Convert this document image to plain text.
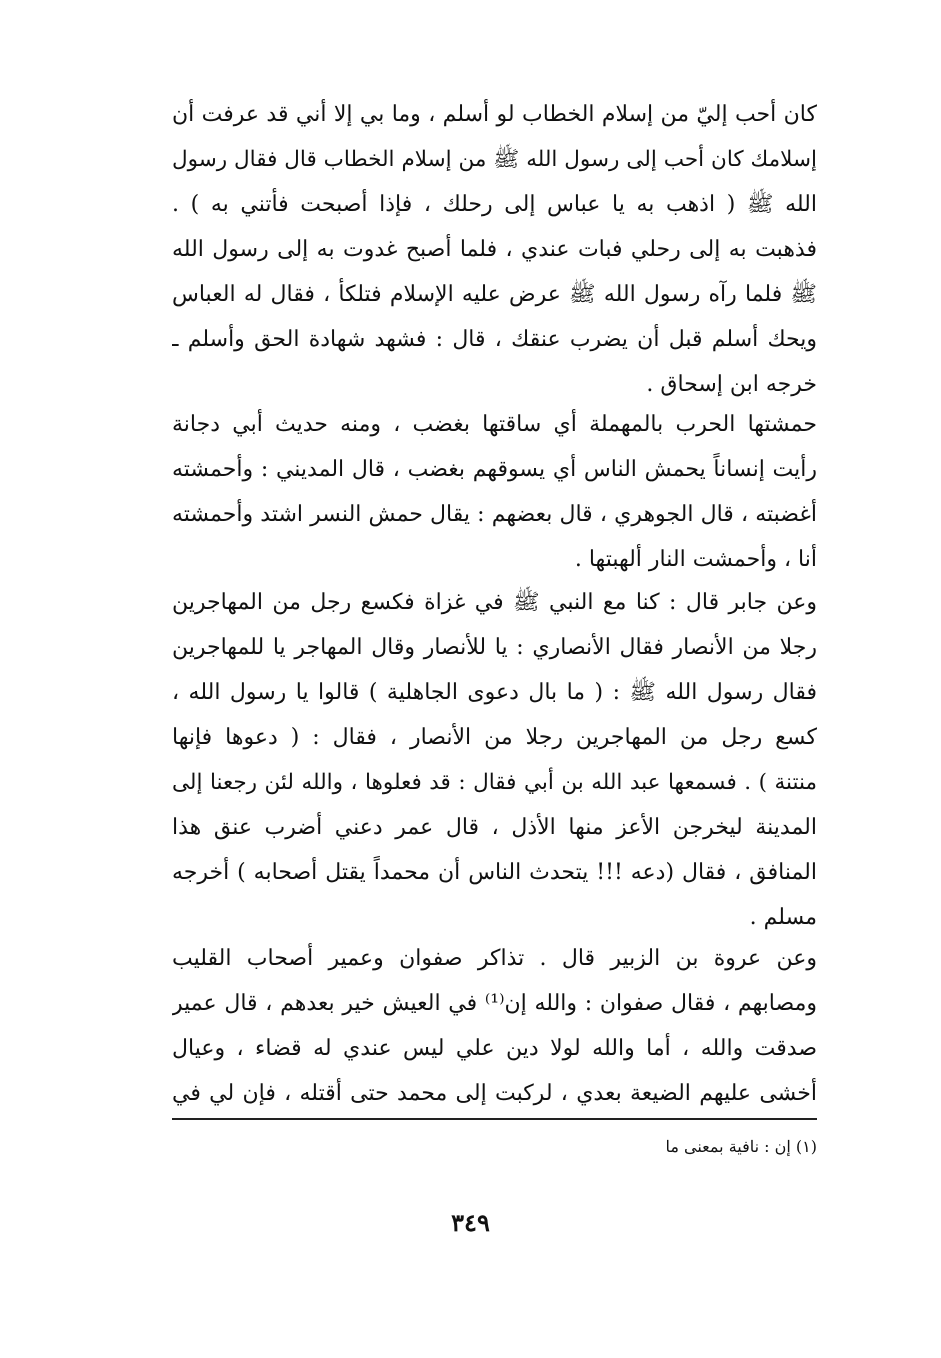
كان أحب إليّ من إسلام الخطاب لو أسلم ، وما بي إلا أني قد عرفت أن
إسلامك كان أحب إلى رسول الله ﷺ من إسلام الخطاب قال فقال رسول
الله ﷺ ( اذهب به يا عباس إلى رحلك ، فإذا أصبحت فأتني به ) .
فذهبت به إلى رحلي فبات عندي ، فلما أصبح غدوت به إلى رسول الله
ﷺ فلما رآه رسول الله ﷺ عرض عليه الإسلام فتلكأ ، فقال له العباس
ويحك أسلم قبل أن يضرب عنقك ، قال : فشهد شهادة الحق وأسلم ـ
خرجه ابن إسحاق .
حمشتها الحرب بالمهملة أي ساقتها بغضب ، ومنه حديث أبي دجانة
رأيت إنساناً يحمش الناس أي يسوقهم بغضب ، قال المديني : وأحمشته
أغضبته ، قال الجوهري ، قال بعضهم : يقال حمش النسر اشتد وأحمشته
أنا ، وأحمشت النار ألهبتها .
وعن جابر قال : كنا مع النبي ﷺ في غزاة فكسع رجل من المهاجرين
رجلا من الأنصار فقال الأنصاري : يا للأنصار وقال المهاجر يا للمهاجرين
فقال رسول الله ﷺ : ( ما بال دعوى الجاهلية ) قالوا يا رسول الله ،
كسع رجل من المهاجرين رجلا من الأنصار ، فقال : ( دعوها فإنها
منتنة ) . فسمعها عبد الله بن أبي فقال : قد فعلوها ، والله لئن رجعنا إلى
المدينة ليخرجن الأعز منها الأذل ، قال عمر دعني أضرب عنق هذا
المنافق ، فقال (دعه !!! يتحدث الناس أن محمداً يقتل أصحابه ) أخرجه
مسلم .
وعن عروة بن الزبير قال . تذاكر صفوان وعمير أصحاب القليب
ومصابهم ، فقال صفوان : والله إن⁽¹⁾ في العيش خير بعدهم ، قال عمير
صدقت والله ، أما والله لولا دين علي ليس عندي له قضاء ، وعيال
أخشى عليهم الضيعة بعدي ، لركبت إلى محمد حتى أقتله ، فإن لي في
(١) إن : نافية بمعنى ما
٣٤٩
